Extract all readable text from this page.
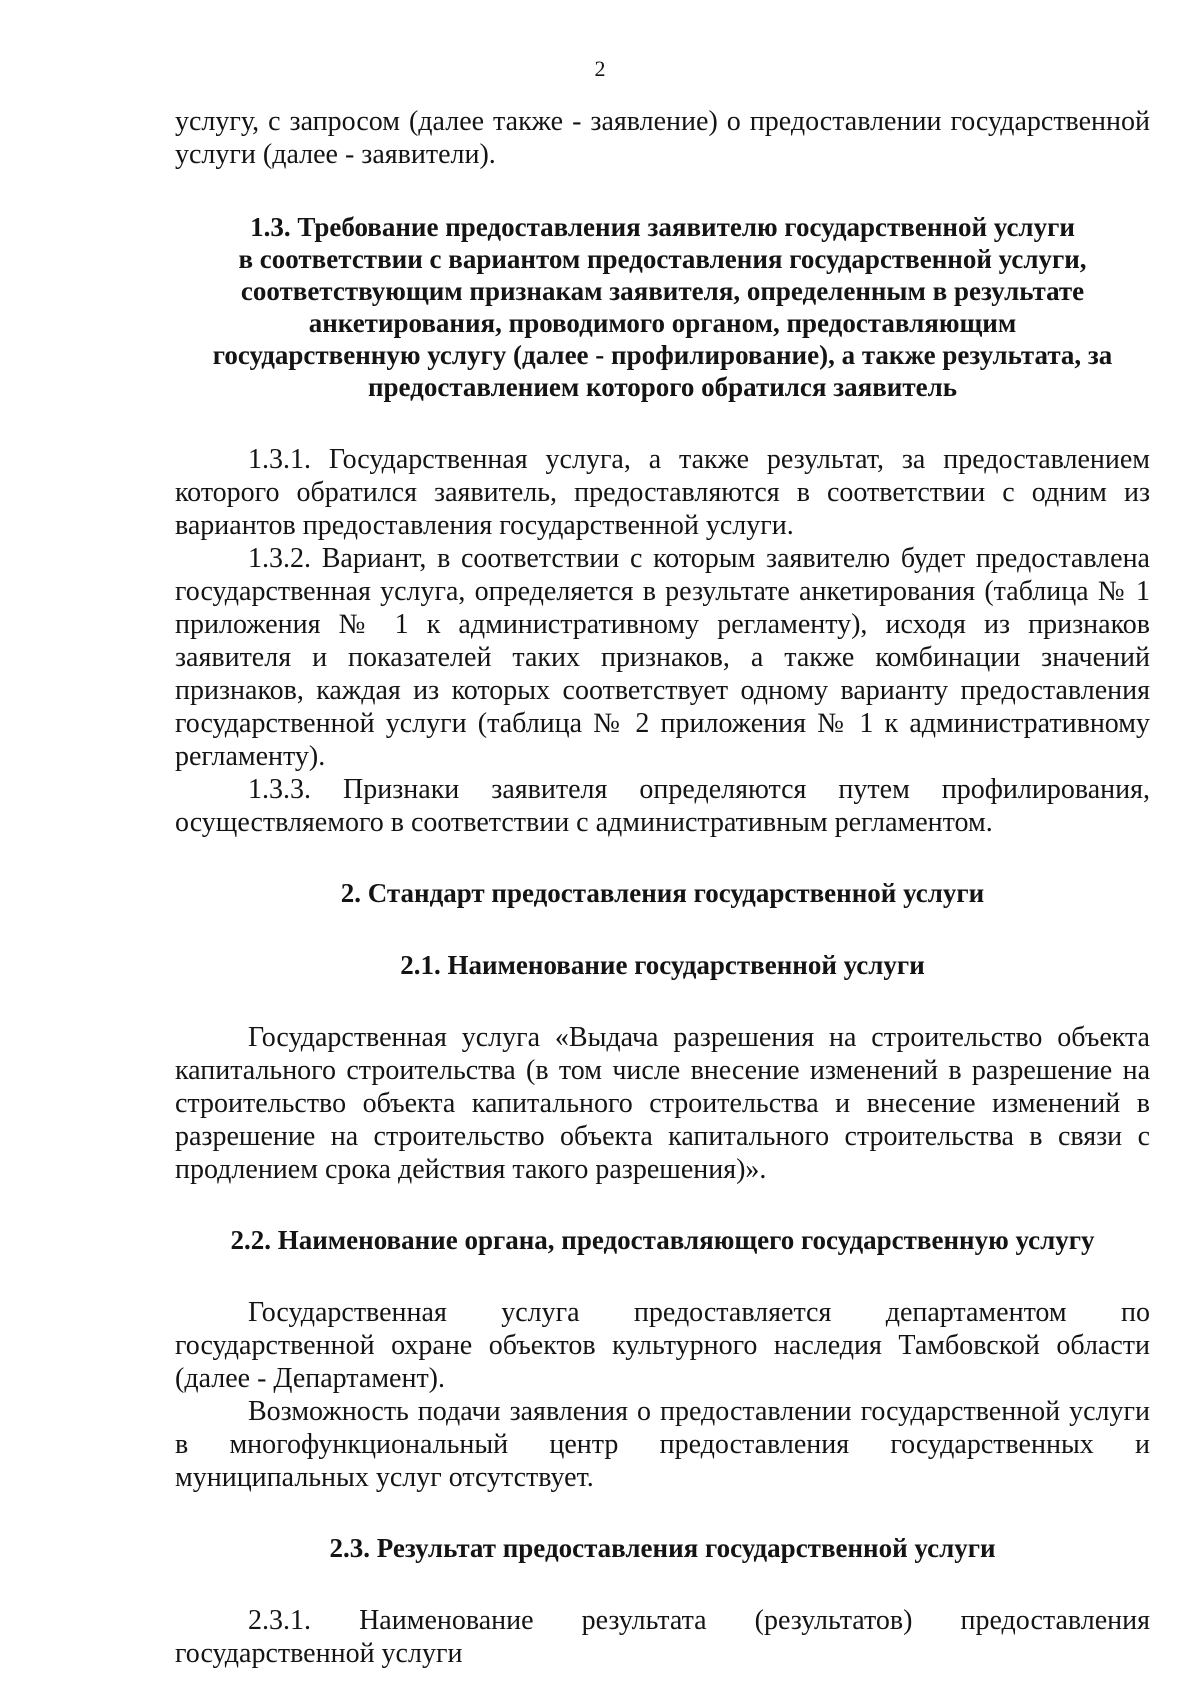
2

услугу, с запросом (далее также - заявление) о предоставлении государственной услуги (далее - заявители).

1.3. Требование предоставления заявителю государственной услуги

в соответствии с вариантом предоставления государственной услуги,

соответствующим признакам заявителя, определенным в результате

анкетирования, проводимого органом, предоставляющим

государственную услугу (далее - профилирование), а также результата, за

предоставлением которого обратился заявитель

1.3.1. Государственная услуга, а также результат, за предоставлением которого обратился заявитель, предоставляются в соответствии с одним из вариантов предоставления государственной услуги.

1.3.2. Вариант, в соответствии с которым заявителю будет предоставлена государственная услуга, определяется в результате анкетирования (таблица № 1 приложения № 1 к административному регламенту), исходя из признаков заявителя и показателей таких признаков, а также комбинации значений признаков, каждая из которых соответствует одному варианту предоставления государственной услуги (таблица № 2 приложения № 1 к административному регламенту).

1.3.3. Признаки заявителя определяются путем профилирования, осуществляемого в соответствии с административным регламентом.

2. Стандарт предоставления государственной услуги

2.1. Наименование государственной услуги

Государственная услуга «Выдача разрешения на строительство объекта капитального строительства (в том числе внесение изменений в разрешение на строительство объекта капитального строительства и внесение изменений в разрешение на строительство объекта капитального строительства в связи с продлением срока действия такого разрешения)».

2.2. Наименование органа, предоставляющего государственную услугу

Государственная услуга предоставляется департаментом по государственной охране объектов культурного наследия Тамбовской области (далее - Департамент).

Возможность подачи заявления о предоставлении государственной услуги в многофункциональный центр предоставления государственных и муниципальных услуг отсутствует.

2.3. Результат предоставления государственной услуги

2.3.1. Наименование результата (результатов) предоставления государственной услуги
